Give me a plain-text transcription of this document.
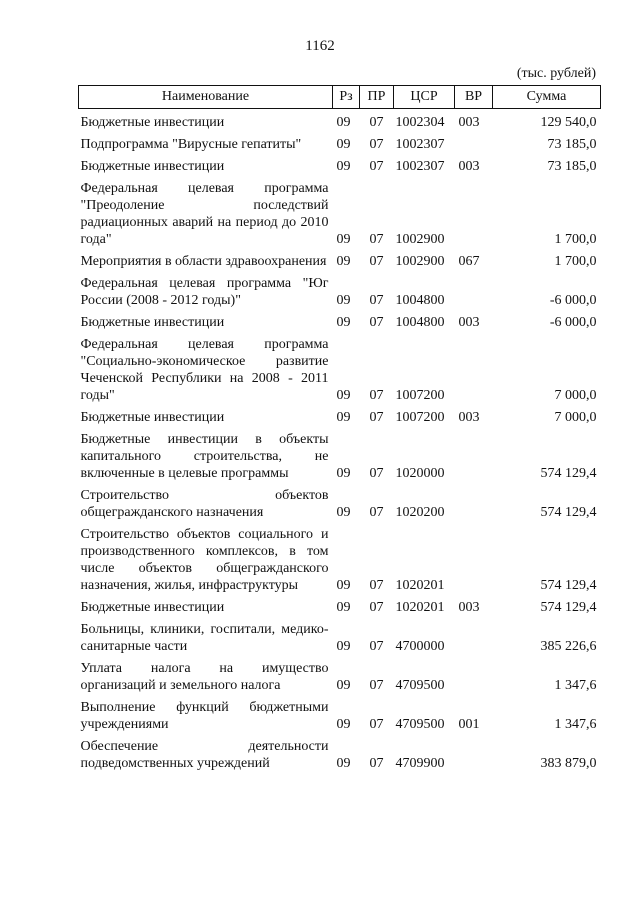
1162
(тыс. рублей)
Наименование	Рз	ПР	ЦСР	ВР	Сумма
Бюджетные инвестиции	09	07	1002304	003	129 540,0
Подпрограмма "Вирусные гепатиты"	09	07	1002307		73 185,0
Бюджетные инвестиции	09	07	1002307	003	73 185,0
Федеральная целевая программа "Преодоление последствий радиационных аварий на период до 2010 года"	09	07	1002900		1 700,0
Мероприятия в области здравоохранения	09	07	1002900	067	1 700,0
Федеральная целевая программа "Юг России (2008 - 2012 годы)"	09	07	1004800		-6 000,0
Бюджетные инвестиции	09	07	1004800	003	-6 000,0
Федеральная целевая программа "Социально-экономическое развитие Чеченской Республики на 2008 - 2011 годы"	09	07	1007200		7 000,0
Бюджетные инвестиции	09	07	1007200	003	7 000,0
Бюджетные инвестиции в объекты капитального строительства, не включенные в целевые программы	09	07	1020000		574 129,4
Строительство объектов общегражданского назначения	09	07	1020200		574 129,4
Строительство объектов социального и производственного комплексов, в том числе объектов общегражданского назначения, жилья, инфраструктуры	09	07	1020201		574 129,4
Бюджетные инвестиции	09	07	1020201	003	574 129,4
Больницы, клиники, госпитали, медико-санитарные части	09	07	4700000		385 226,6
Уплата налога на имущество организаций и земельного налога	09	07	4709500		1 347,6
Выполнение функций бюджетными учреждениями	09	07	4709500	001	1 347,6
Обеспечение деятельности подведомственных учреждений	09	07	4709900		383 879,0
